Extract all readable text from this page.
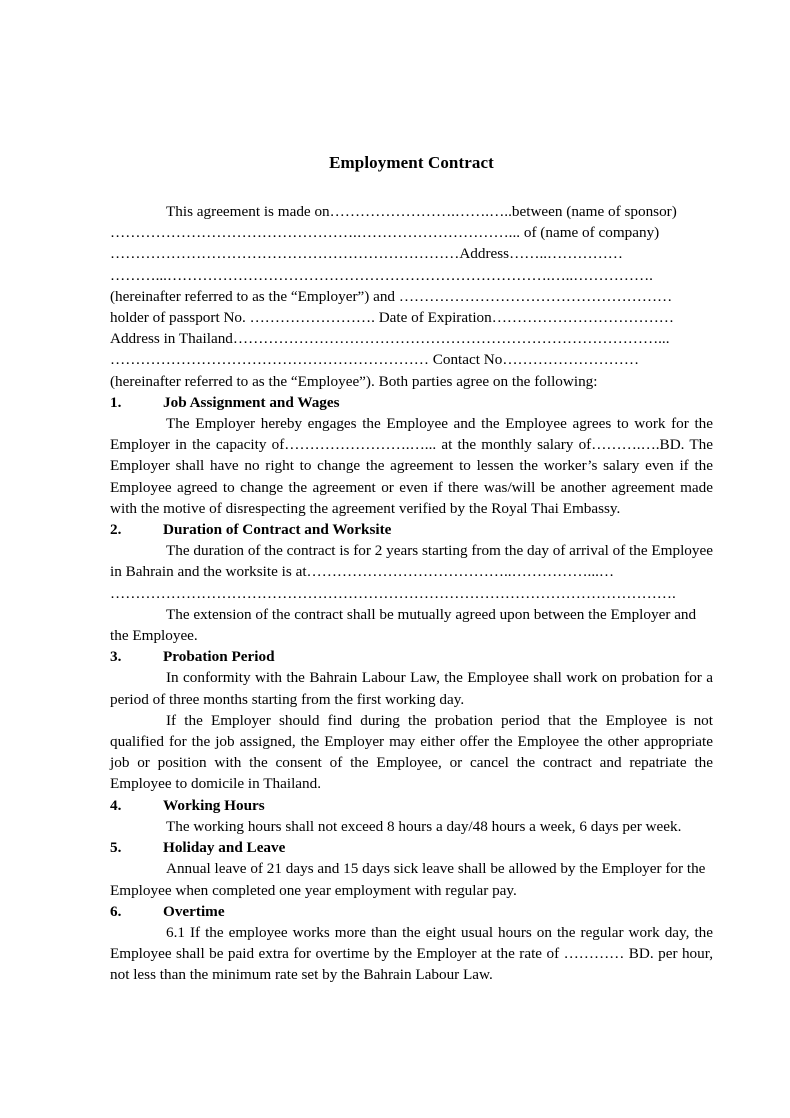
Employment Contract

This agreement is made on…………………….…….…..between (name of sponsor)

………………………………………….…………………………... of (name of company)

……………………………………………………………Address……..……………

………...………………………………………………………………….…..…………….

(hereinafter referred to as the “Employer”) and ………………………………………………

holder of passport No. ……………………. Date of Expiration………………………………

Address in Thailand…………………………………………………………………………...

……………………………………………………… Contact No………………………

(hereinafter referred to as the “Employee”). Both parties agree on the following:

1.	Job Assignment and Wages

The Employer hereby engages the Employee and the Employee agrees to work for the Employer in the capacity of…………………….…... at the monthly salary of……….….BD. The Employer shall have no right to change the agreement to lessen the worker’s salary even if the Employee agreed to change the agreement or even if there was/will be another agreement made with the motive of disrespecting the agreement verified by the Royal Thai Embassy.

2.	Duration of Contract and Worksite

The duration of the contract is for 2 years starting from the day of arrival of the Employee in Bahrain and the worksite is at…………………………………..……………...…

………………………………………………………………………………………………….

The extension of the contract shall be mutually agreed upon between the Employer and the Employee.

3.	Probation Period

In conformity with the Bahrain Labour Law, the Employee shall work on probation for a period of three months starting from the first working day.

If the Employer should find during the probation period that the Employee is not qualified for the job assigned, the Employer may either offer the Employee the other appropriate job or position with the consent of the Employee, or cancel the contract and repatriate the Employee to domicile in Thailand.

4.	Working Hours

The working hours shall not exceed 8 hours a day/48 hours a week, 6 days per week.

5.	Holiday and Leave

Annual leave of 21 days and 15 days sick leave shall be allowed by the Employer for the Employee when completed one year employment with regular pay.

6.	Overtime

6.1 If the employee works more than the eight usual hours on the regular work day, the Employee shall be paid extra for overtime by the Employer at the rate of ………… BD. per hour, not less than the minimum rate set by the Bahrain Labour Law.
